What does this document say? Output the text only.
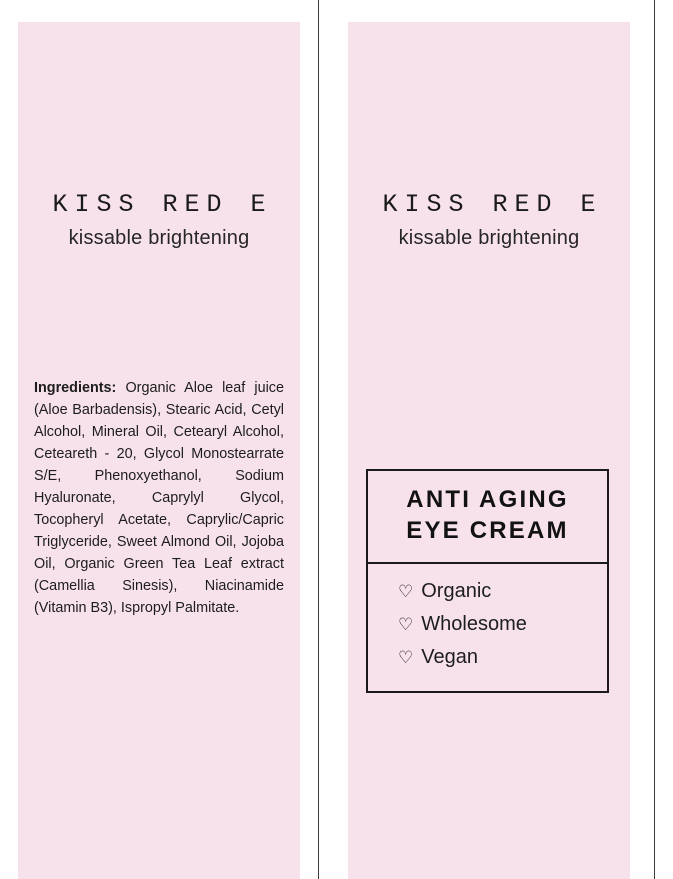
KISS RED E
kissable brightening
Ingredients: Organic Aloe leaf juice (Aloe Barbadensis), Stearic Acid, Cetyl Alcohol, Mineral Oil, Cetearyl Alcohol, Ceteareth - 20, Glycol Monostearrate S/E, Phenoxyethanol, Sodium Hyaluronate, Caprylyl Glycol, Tocopheryl Acetate, Caprylic/Capric Triglyceride, Sweet Almond Oil, Jojoba Oil, Organic Green Tea Leaf extract (Camellia Sinesis), Niacinamide (Vitamin B3), Ispropyl Palmitate.
KISS RED E
kissable brightening
ANTI AGING
EYE CREAM
♡ Organic
♡ Wholesome
♡ Vegan
